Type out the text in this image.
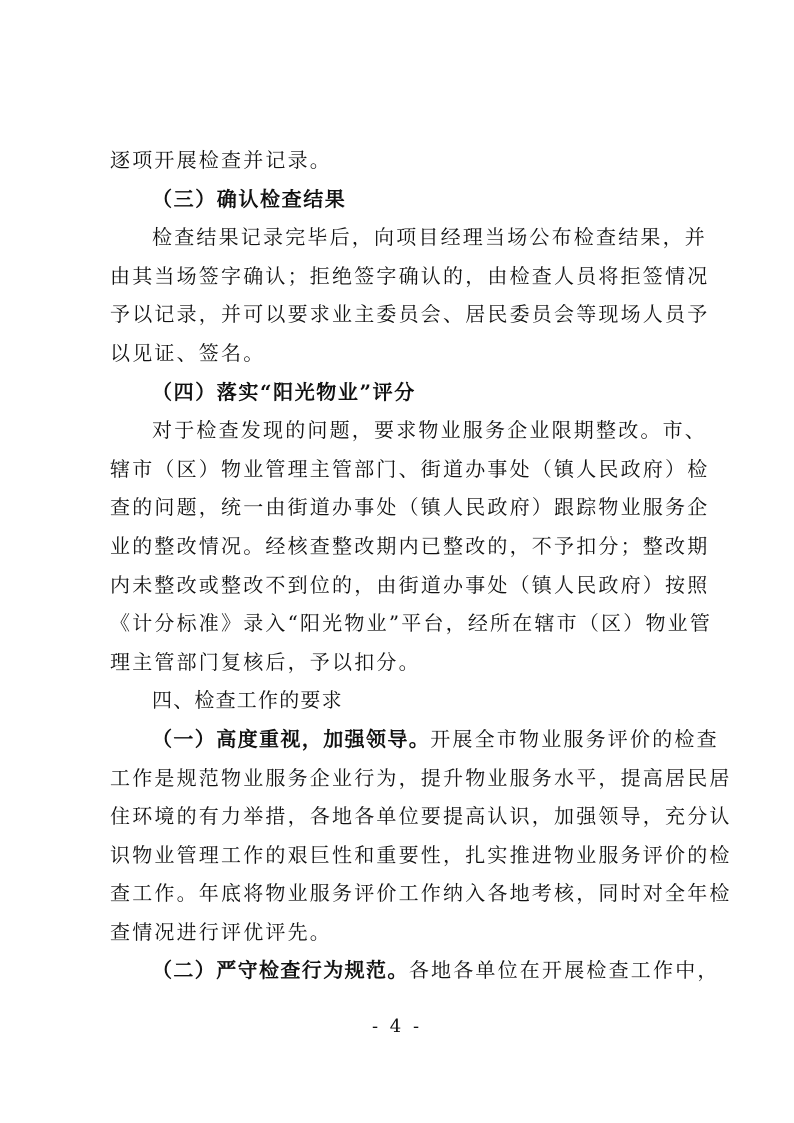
逐项开展检查并记录。
（三）确认检查结果
检查结果记录完毕后，向项目经理当场公布检查结果，并
由其当场签字确认；拒绝签字确认的，由检查人员将拒签情况
予以记录，并可以要求业主委员会、居民委员会等现场人员予
以见证、签名。
（四）落实“阳光物业”评分
对于检查发现的问题，要求物业服务企业限期整改。市、
辖市（区）物业管理主管部门、街道办事处（镇人民政府）检
查的问题，统一由街道办事处（镇人民政府）跟踪物业服务企
业的整改情况。经核查整改期内已整改的，不予扣分；整改期
内未整改或整改不到位的，由街道办事处（镇人民政府）按照
《计分标准》录入“阳光物业”平台，经所在辖市（区）物业管
理主管部门复核后，予以扣分。
四、检查工作的要求
（一）高度重视，加强领导。开展全市物业服务评价的检查
工作是规范物业服务企业行为，提升物业服务水平，提高居民居
住环境的有力举措，各地各单位要提高认识，加强领导，充分认
识物业管理工作的艰巨性和重要性，扎实推进物业服务评价的检
查工作。年底将物业服务评价工作纳入各地考核，同时对全年检
查情况进行评优评先。
（二）严守检查行为规范。各地各单位在开展检查工作中，
- 4 -
